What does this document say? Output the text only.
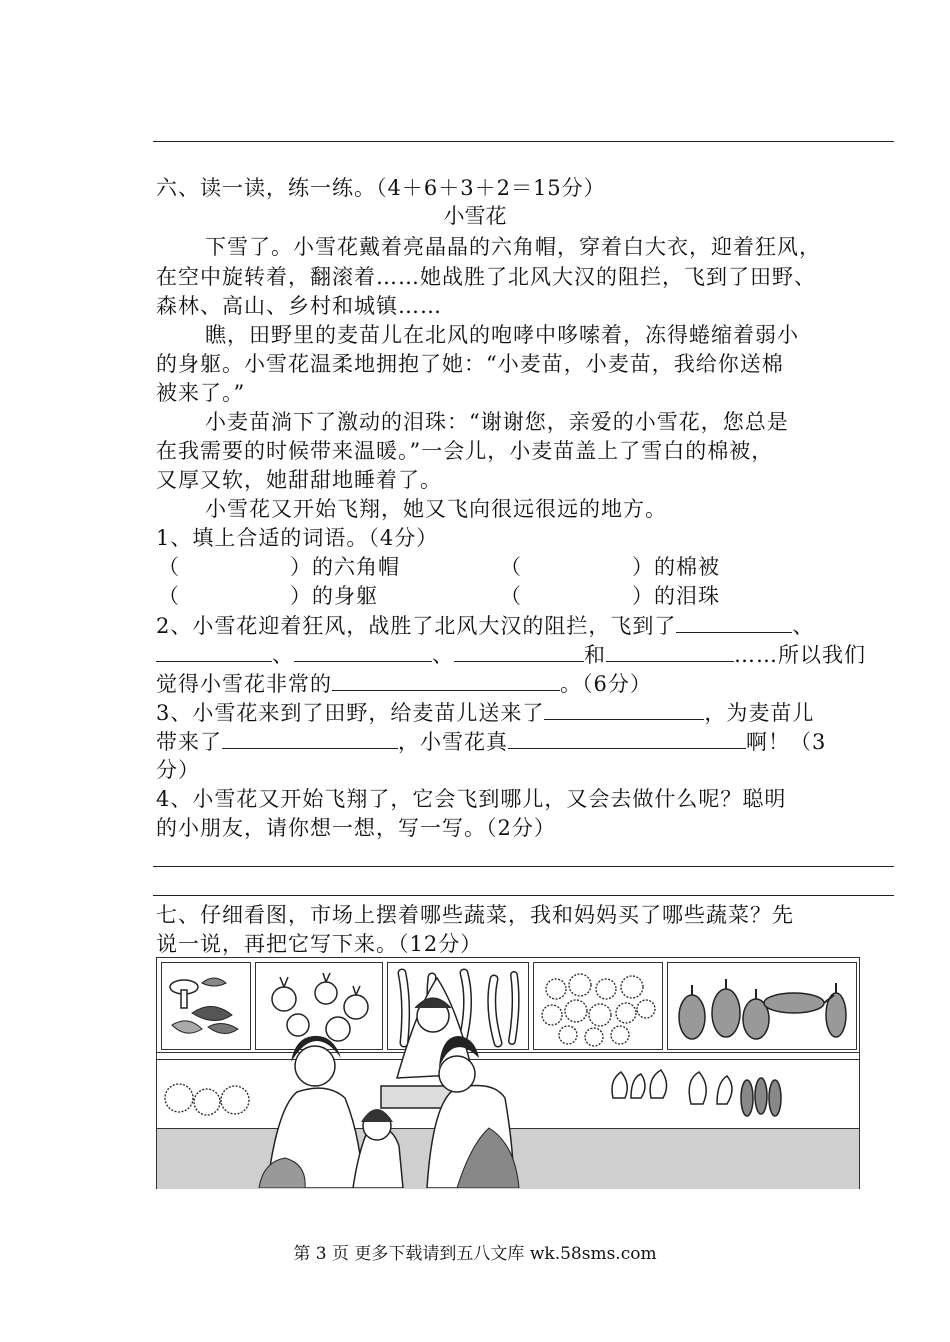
六、读一读，练一练。（4＋6＋3＋2＝15分）
小雪花
下雪了。小雪花戴着亮晶晶的六角帽，穿着白大衣，迎着狂风，
在空中旋转着，翻滚着……她战胜了北风大汉的阻拦，飞到了田野、
森林、高山、乡村和城镇……
瞧，田野里的麦苗儿在北风的咆哮中哆嗦着，冻得蜷缩着弱小
的身躯。小雪花温柔地拥抱了她：“小麦苗，小麦苗，我给你送棉
被来了。”
小麦苗淌下了激动的泪珠：“谢谢您，亲爱的小雪花，您总是
在我需要的时候带来温暖。”一会儿，小麦苗盖上了雪白的棉被，
又厚又软，她甜甜地睡着了。
小雪花又开始飞翔，她又飞向很远很远的地方。
1、填上合适的词语。（4分）
（　　　　　）的六角帽	（　　　　　）的棉被
（　　　　　）的身躯	（　　　　　）的泪珠
2、小雪花迎着狂风，战胜了北风大汉的阻拦，飞到了	、
、	、	和	……所以我们
觉得小雪花非常的	。（6分）
3、小雪花来到了田野，给麦苗儿送来了	，为麦苗儿
带来了	，小雪花真	啊！（3
分）
4、小雪花又开始飞翔了，它会飞到哪儿，又会去做什么呢？聪明
的小朋友，请你想一想，写一写。（2分）
七、仔细看图，市场上摆着哪些蔬菜，我和妈妈买了哪些蔬菜？先
说一说，再把它写下来。（12分）
第 3 页 更多下载请到五八文库 wk.58sms.com
